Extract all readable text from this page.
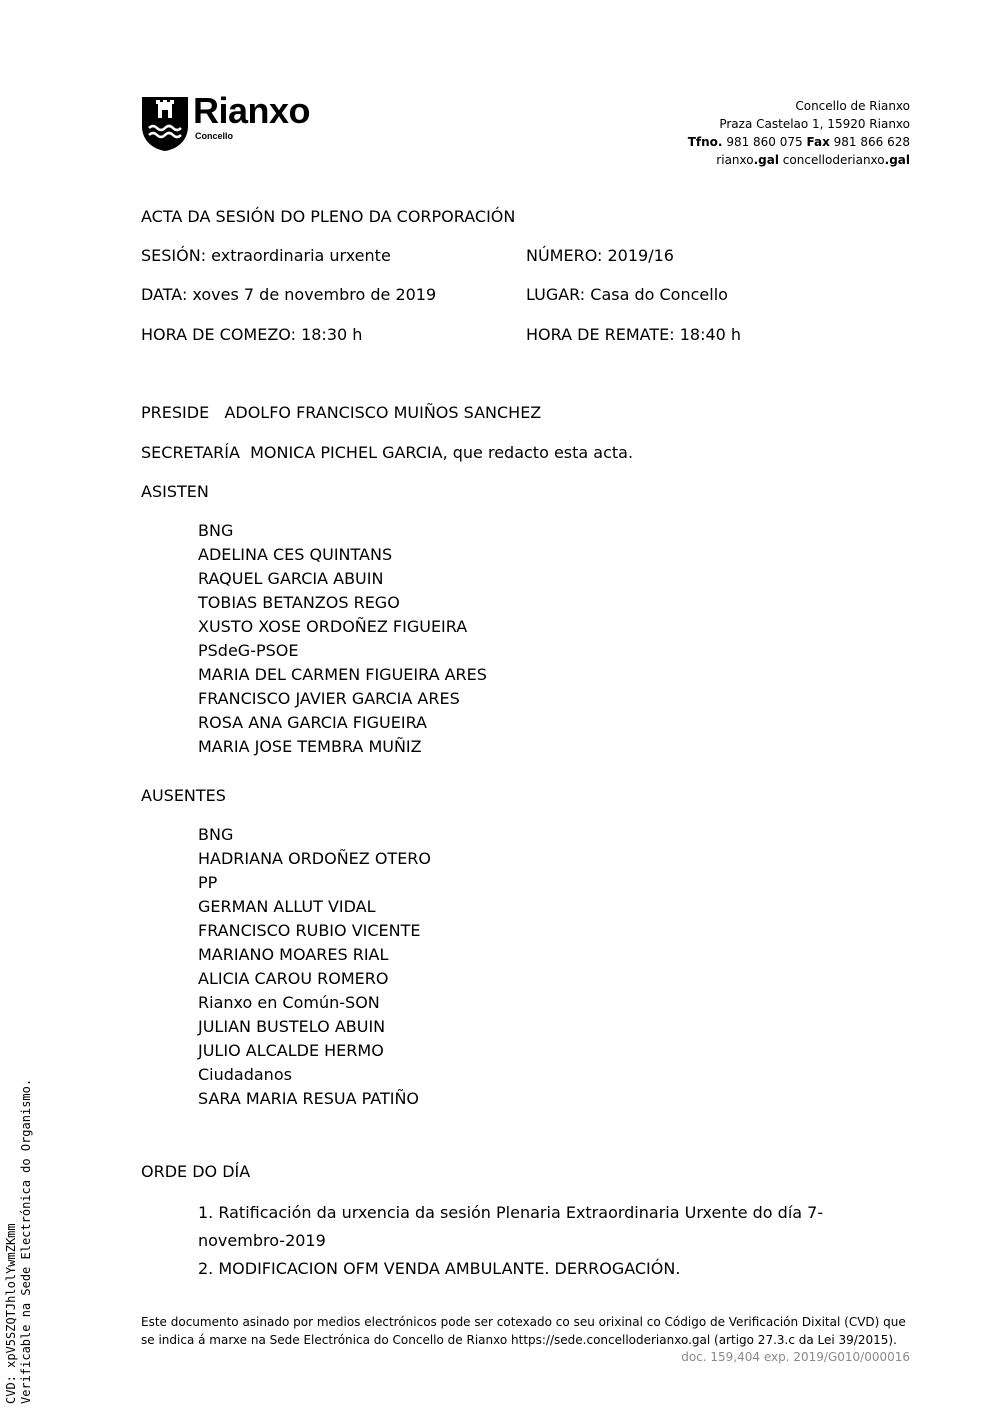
Rianxo
Concello
Concello de Rianxo
Praza Castelao 1, 15920 Rianxo
Tfno. 981 860 075 Fax 981 866 628
rianxo.gal concelloderianxo.gal
ACTA DA SESIÓN DO PLENO DA CORPORACIÓN
SESIÓN: extraordinaria urxente	NÚMERO: 2019/16
DATA: xoves 7 de novembro de 2019	LUGAR: Casa do Concello
HORA DE COMEZO: 18:30 h	HORA DE REMATE: 18:40 h
PRESIDE   ADOLFO FRANCISCO MUIÑOS SANCHEZ
SECRETARÍA  MONICA PICHEL GARCIA, que redacto esta acta.
ASISTEN
BNG
ADELINA CES QUINTANS
RAQUEL GARCIA ABUIN
TOBIAS BETANZOS REGO
XUSTO XOSE ORDOÑEZ FIGUEIRA
PSdeG-PSOE
MARIA DEL CARMEN FIGUEIRA ARES
FRANCISCO JAVIER GARCIA ARES
ROSA ANA GARCIA FIGUEIRA
MARIA JOSE TEMBRA MUÑIZ
AUSENTES
BNG
HADRIANA ORDOÑEZ OTERO
PP
GERMAN ALLUT VIDAL
FRANCISCO RUBIO VICENTE
MARIANO MOARES RIAL
ALICIA CAROU ROMERO
Rianxo en Común-SON
JULIAN BUSTELO ABUIN
JULIO ALCALDE HERMO
Ciudadanos
SARA MARIA RESUA PATIÑO
ORDE DO DÍA
1. Ratificación da urxencia da sesión Plenaria Extraordinaria Urxente do día 7-novembro-2019
2. MODIFICACION OFM VENDA AMBULANTE. DERROGACIÓN.
Este documento asinado por medios electrónicos pode ser cotexado co seu orixinal co Código de Verificación Dixital (CVD) que se indica á marxe na Sede Electrónica do Concello de Rianxo https://sede.concelloderianxo.gal (artigo 27.3.c da Lei 39/2015).
doc. 159,404 exp. 2019/G010/000016
CVD: xpV5SZQTJhlolYwmZKmm Verificable na Sede Electrónica do Organismo.
